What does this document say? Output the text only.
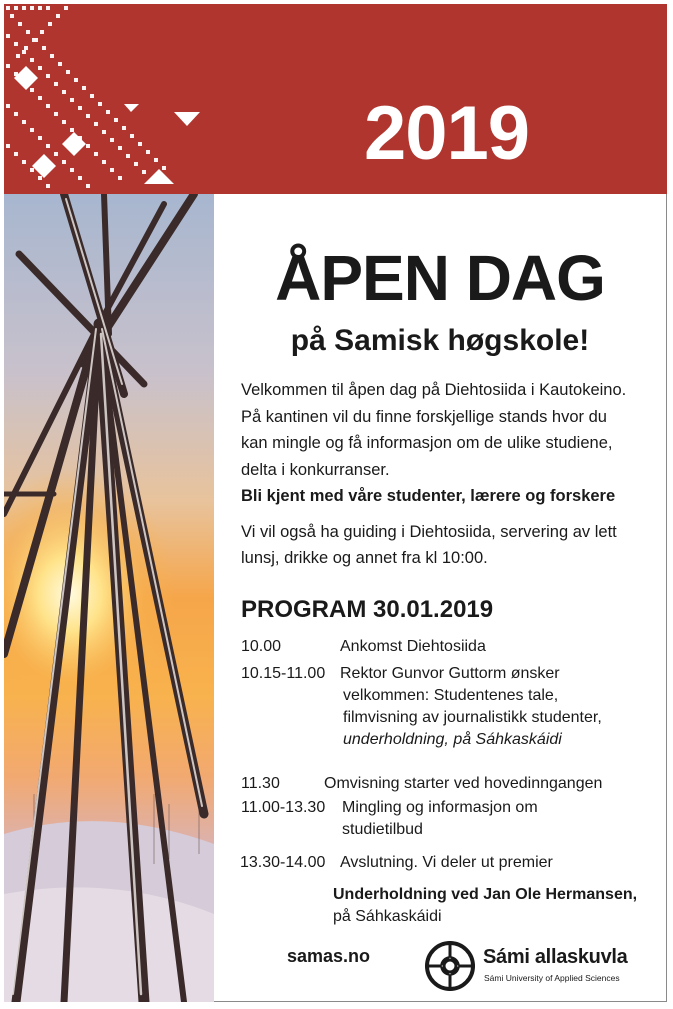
2019
ÅPEN DAG
på Samisk høgskole!

Velkommen til åpen dag på Diehtosiida i Kautokeino.

På kantinen vil du finne forskjellige stands hvor du

kan mingle og få informasjon om de ulike studiene,

delta i konkurranser.

Bli kjent med våre studenter, lærere og forskere

Vi vil også ha guiding i Diehtosiida, servering av lett

lunsj, drikke og annet fra kl 10:00.

PROGRAM 30.01.2019
10.00	Ankomst Diehtosiida
10.15-11.00 Rektor Gunvor Guttorm ønsker
velkommen: Studentenes tale,
filmvisning av journalistikk studenter,
underholdning, på Sáhkaskáidi
11.30	Omvisning starter ved hovedinngangen
11.00-13.30 Mingling og informasjon om
studietilbud
13.30-14.00 Avslutning. Vi deler ut premier
Underholdning ved Jan Ole Hermansen,
på Sáhkaskáidi
samas.no	Sámi allaskuvla
Sámi University of Applied Sciences
